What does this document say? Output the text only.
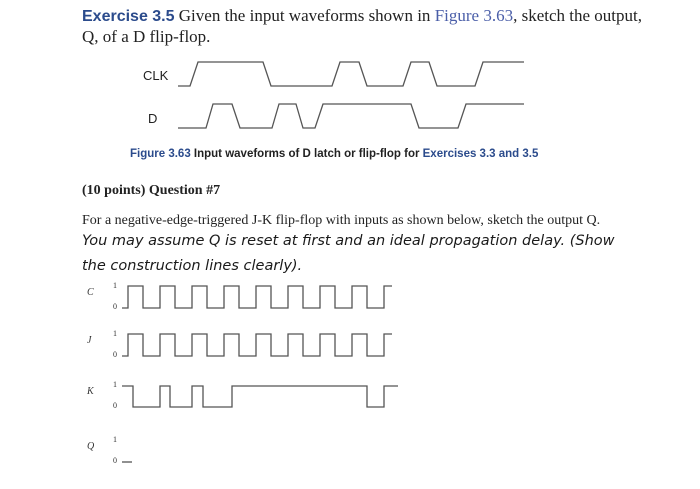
Exercise 3.5 Given the input waveforms shown in Figure 3.63, sketch the output,
Q, of a D flip-flop.
CLK
D
Figure 3.63 Input waveforms of D latch or flip-flop for Exercises 3.3 and 3.5
(10 points) Question #7
For a negative-edge-triggered J-K flip-flop with inputs as shown below, sketch the output Q.
You may assume Q is reset at first and an ideal propagation delay. (Show
the construction lines clearly).
C
1
0
J
1
0
K
1
0
Q
1
0
